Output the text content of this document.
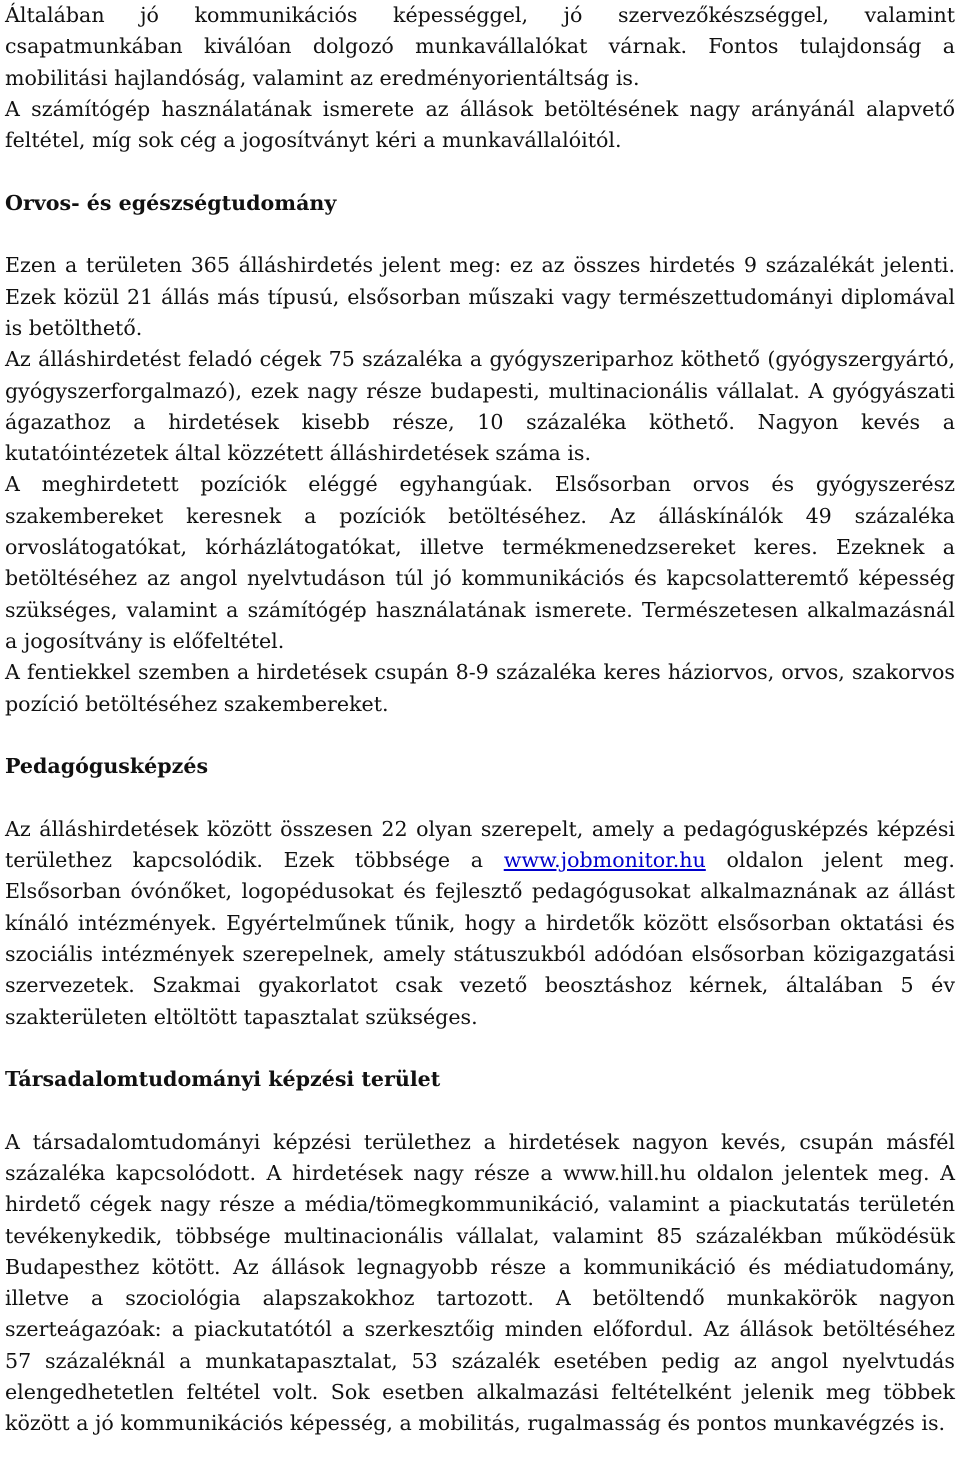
Általában jó kommunikációs képességgel, jó szervezőkészséggel, valamint csapatmunkában kiválóan dolgozó munkavállalókat várnak. Fontos tulajdonság a mobilitási hajlandóság, valamint az eredményorientáltság is.

A számítógép használatának ismerete az állások betöltésének nagy arányánál alapvető feltétel, míg sok cég a jogosítványt kéri a munkavállalóitól.

Orvos- és egészségtudomány

Ezen a területen 365 álláshirdetés jelent meg: ez az összes hirdetés 9 százalékát jelenti. Ezek közül 21 állás más típusú, elsősorban műszaki vagy természettudományi diplomával is betölthető.

Az álláshirdetést feladó cégek 75 százaléka a gyógyszeriparhoz köthető (gyógyszergyártó, gyógyszerforgalmazó), ezek nagy része budapesti, multinacionális vállalat. A gyógyászati ágazathoz a hirdetések kisebb része, 10 százaléka köthető. Nagyon kevés a kutatóintézetek által közzétett álláshirdetések száma is.

A meghirdetett pozíciók eléggé egyhangúak. Elsősorban orvos és gyógyszerész szakembereket keresnek a pozíciók betöltéséhez. Az álláskínálók 49 százaléka orvoslátogatókat, kórházlátogatókat, illetve termékmenedzsereket keres. Ezeknek a betöltéséhez az angol nyelvtudáson túl jó kommunikációs és kapcsolatteremtő képesség szükséges, valamint a számítógép használatának ismerete. Természetesen alkalmazásnál a jogosítvány is előfeltétel.

A fentiekkel szemben a hirdetések csupán 8-9 százaléka keres háziorvos, orvos, szakorvos pozíció betöltéséhez szakembereket.

Pedagógusképzés

Az álláshirdetések között összesen 22 olyan szerepelt, amely a pedagógusképzés képzési területhez kapcsolódik. Ezek többsége a www.jobmonitor.hu oldalon jelent meg. Elsősorban óvónőket, logopédusokat és fejlesztő pedagógusokat alkalmaznának az állást kínáló intézmények. Egyértelműnek tűnik, hogy a hirdetők között elsősorban oktatási és szociális intézmények szerepelnek, amely státuszukból adódóan elsősorban közigazgatási szervezetek. Szakmai gyakorlatot csak vezető beosztáshoz kérnek, általában 5 év szakterületen eltöltött tapasztalat szükséges.

Társadalomtudományi képzési terület

A társadalomtudományi képzési területhez a hirdetések nagyon kevés, csupán másfél százaléka kapcsolódott. A hirdetések nagy része a www.hill.hu oldalon jelentek meg. A hirdető cégek nagy része a média/tömegkommunikáció, valamint a piackutatás területén tevékenykedik, többsége multinacionális vállalat, valamint 85 százalékban működésük Budapesthez kötött. Az állások legnagyobb része a kommunikáció és médiatudomány, illetve a szociológia alapszakokhoz tartozott. A betöltendő munkakörök nagyon szerteágazóak: a piackutatótól a szerkesztőig minden előfordul. Az állások betöltéséhez 57 százaléknál a munkatapasztalat, 53 százalék esetében pedig az angol nyelvtudás elengedhetetlen feltétel volt. Sok esetben alkalmazási feltételként jelenik meg többek között a jó kommunikációs képesség, a mobilitás, rugalmasság és pontos munkavégzés is.
